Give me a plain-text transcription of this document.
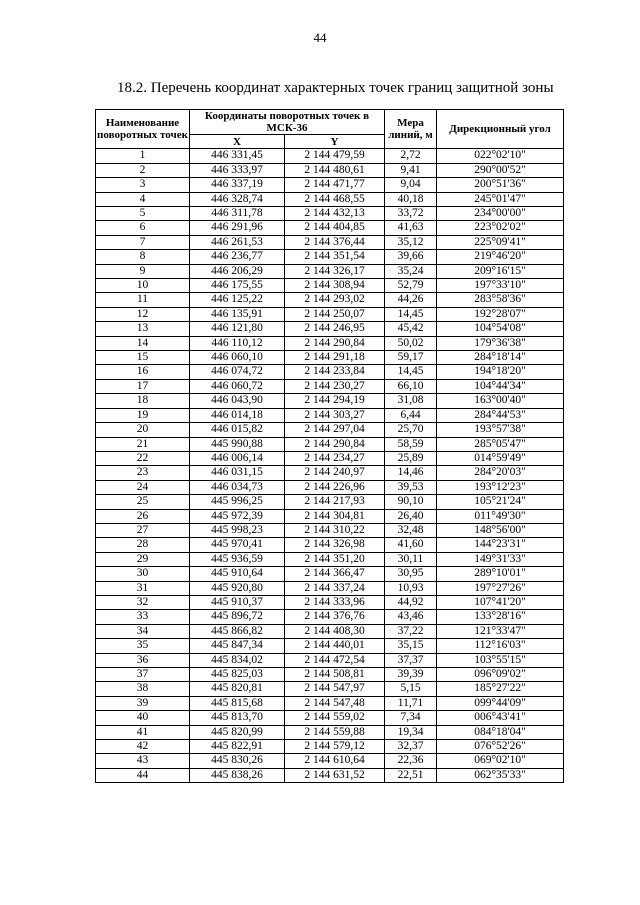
44
18.2. Перечень координат характерных точек границ защитной зоны
Наименование поворотных точек	Координаты поворотных точек в МСК-36		Мера линий, м	Дирекционный угол
	X	Y		
1	446 331,45	2 144 479,59	2,72	022°02'10"
2	446 333,97	2 144 480,61	9,41	290°00'52"
3	446 337,19	2 144 471,77	9,04	200°51'36"
4	446 328,74	2 144 468,55	40,18	245°01'47"
5	446 311,78	2 144 432,13	33,72	234°00'00"
6	446 291,96	2 144 404,85	41,63	223°02'02"
7	446 261,53	2 144 376,44	35,12	225°09'41"
8	446 236,77	2 144 351,54	39,66	219°46'20"
9	446 206,29	2 144 326,17	35,24	209°16'15"
10	446 175,55	2 144 308,94	52,79	197°33'10"
11	446 125,22	2 144 293,02	44,26	283°58'36"
12	446 135,91	2 144 250,07	14,45	192°28'07"
13	446 121,80	2 144 246,95	45,42	104°54'08"
14	446 110,12	2 144 290,84	50,02	179°36'38"
15	446 060,10	2 144 291,18	59,17	284°18'14"
16	446 074,72	2 144 233,84	14,45	194°18'20"
17	446 060,72	2 144 230,27	66,10	104°44'34"
18	446 043,90	2 144 294,19	31,08	163°00'40"
19	446 014,18	2 144 303,27	6,44	284°44'53"
20	446 015,82	2 144 297,04	25,70	193°57'38"
21	445 990,88	2 144 290,84	58,59	285°05'47"
22	446 006,14	2 144 234,27	25,89	014°59'49"
23	446 031,15	2 144 240,97	14,46	284°20'03"
24	446 034,73	2 144 226,96	39,53	193°12'23"
25	445 996,25	2 144 217,93	90,10	105°21'24"
26	445 972,39	2 144 304,81	26,40	011°49'30"
27	445 998,23	2 144 310,22	32,48	148°56'00"
28	445 970,41	2 144 326,98	41,60	144°23'31"
29	445 936,59	2 144 351,20	30,11	149°31'33"
30	445 910,64	2 144 366,47	30,95	289°10'01"
31	445 920,80	2 144 337,24	10,93	197°27'26"
32	445 910,37	2 144 333,96	44,92	107°41'20"
33	445 896,72	2 144 376,76	43,46	133°28'16"
34	445 866,82	2 144 408,30	37,22	121°33'47"
35	445 847,34	2 144 440,01	35,15	112°16'03"
36	445 834,02	2 144 472,54	37,37	103°55'15"
37	445 825,03	2 144 508,81	39,39	096°09'02"
38	445 820,81	2 144 547,97	5,15	185°27'22"
39	445 815,68	2 144 547,48	11,71	099°44'09"
40	445 813,70	2 144 559,02	7,34	006°43'41"
41	445 820,99	2 144 559,88	19,34	084°18'04"
42	445 822,91	2 144 579,12	32,37	076°52'26"
43	445 830,26	2 144 610,64	22,36	069°02'10"
44	445 838,26	2 144 631,52	22,51	062°35'33"
